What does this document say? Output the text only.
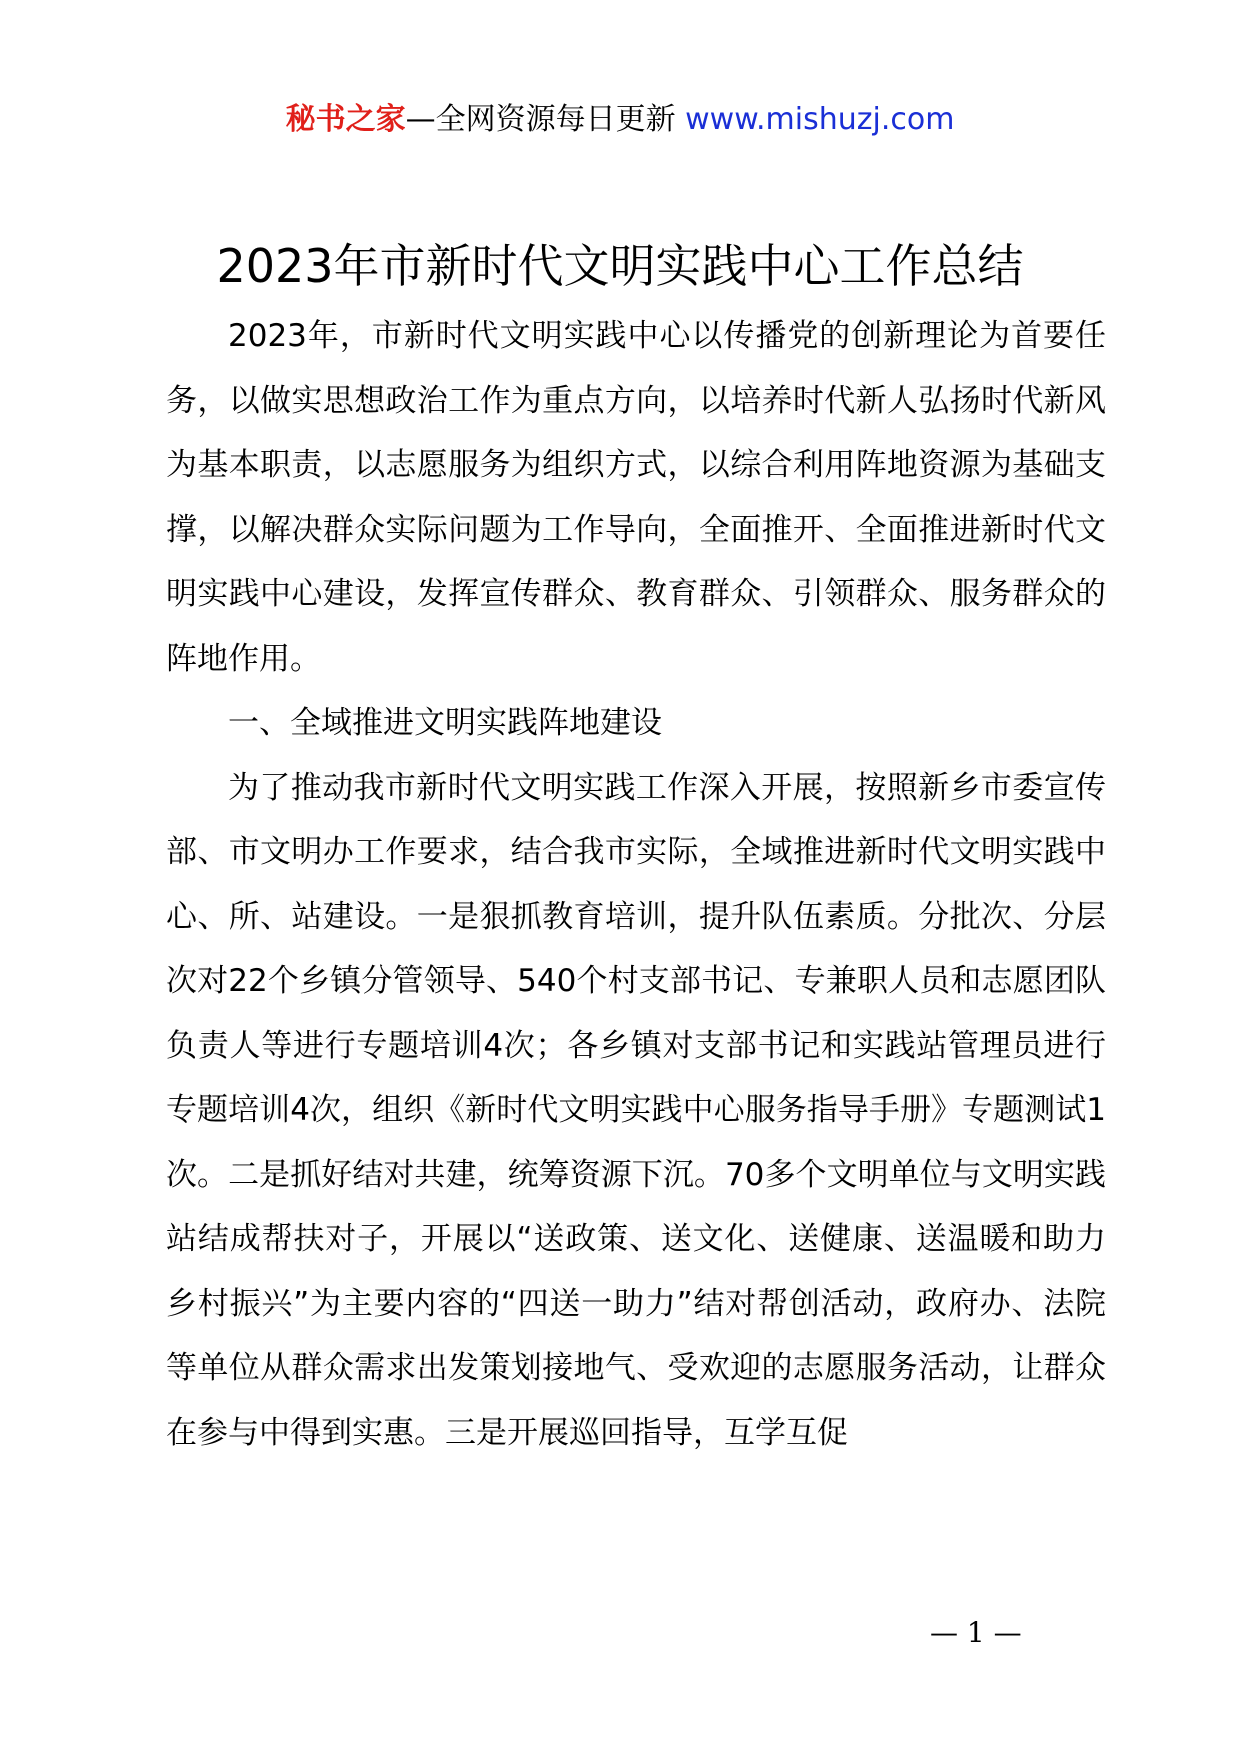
秘书之家—全网资源每日更新 www.mishuzj.com
2023年市新时代文明实践中心工作总结

2023年，市新时代文明实践中心以传播党的创新理论为首要任务，以做实思想政治工作为重点方向，以培养时代新人弘扬时代新风为基本职责，以志愿服务为组织方式，以综合利用阵地资源为基础支撑，以解决群众实际问题为工作导向，全面推开、全面推进新时代文明实践中心建设，发挥宣传群众、教育群众、引领群众、服务群众的阵地作用。

一、全域推进文明实践阵地建设

为了推动我市新时代文明实践工作深入开展，按照新乡市委宣传部、市文明办工作要求，结合我市实际，全域推进新时代文明实践中心、所、站建设。一是狠抓教育培训，提升队伍素质。分批次、分层次对22个乡镇分管领导、540个村支部书记、专兼职人员和志愿团队负责人等进行专题培训4次；各乡镇对支部书记和实践站管理员进行专题培训4次，组织《新时代文明实践中心服务指导手册》专题测试1次。二是抓好结对共建，统筹资源下沉。70多个文明单位与文明实践站结成帮扶对子，开展以“送政策、送文化、送健康、送温暖和助力乡村振兴”为主要内容的“四送一助力”结对帮创活动，政府办、法院等单位从群众需求出发策划接地气、受欢迎的志愿服务活动，让群众在参与中得到实惠。三是开展巡回指导，互学互促

— 1 —
